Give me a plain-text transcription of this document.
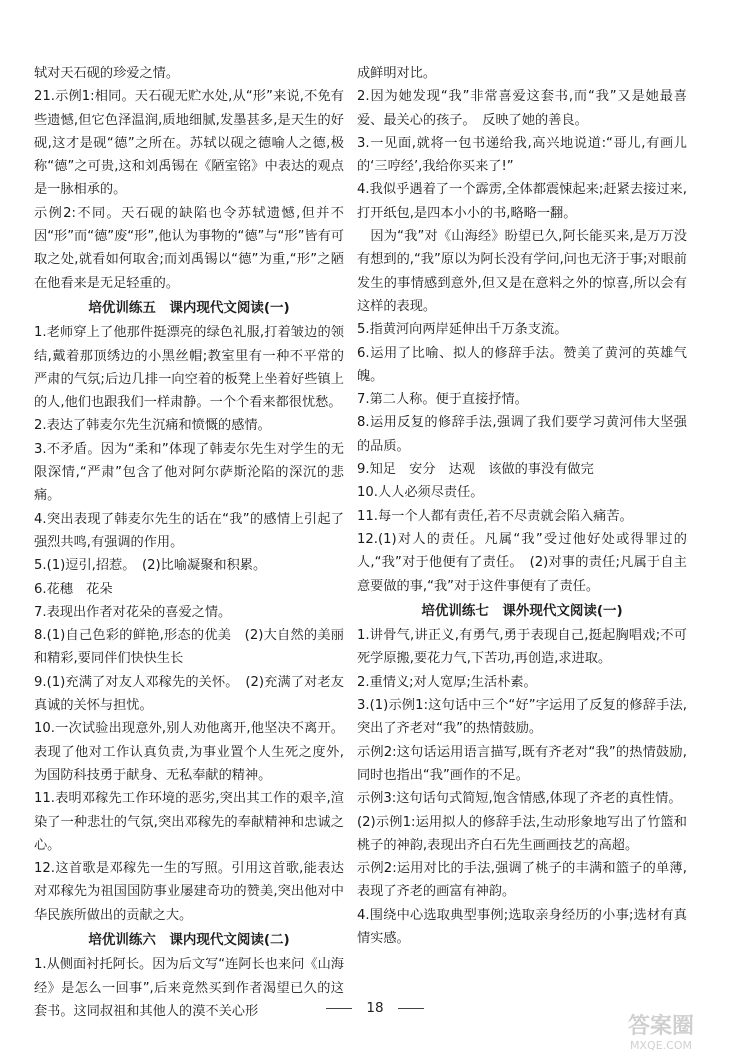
轼对天石砚的珍爱之情。

21.示例1:相同。天石砚无贮水处,从“形”来说,不免有些遗憾,但它色泽温润,质地细腻,发墨甚多,是天生的好砚,这才是砚“德”之所在。苏轼以砚之德喻人之德,极称“德”之可贵,这和刘禹锡在《陋室铭》中表达的观点是一脉相承的。

示例2:不同。天石砚的缺陷也令苏轼遗憾,但并不因“形”而“德”废“形”,他认为事物的“德”与“形”皆有可取之处,就看如何取舍;而刘禹锡以“德”为重,“形”之陋在他看来是无足轻重的。

培优训练五　课内现代文阅读(一)

1.老师穿上了他那件挺漂亮的绿色礼服,打着皱边的领结,戴着那顶绣边的小黑丝帽;教室里有一种不平常的严肃的气氛;后边几排一向空着的板凳上坐着好些镇上的人,他们也跟我们一样肃静。一个个看来都很忧愁。

2.表达了韩麦尔先生沉痛和愤慨的感情。

3.不矛盾。因为“柔和”体现了韩麦尔先生对学生的无限深情,“严肃”包含了他对阿尔萨斯沦陷的深沉的悲痛。

4.突出表现了韩麦尔先生的话在“我”的感情上引起了强烈共鸣,有强调的作用。

5.(1)逗引,招惹。　(2)比喻凝聚和积累。

6.花穗　花朵

7.表现出作者对花朵的喜爱之情。

8.(1)自己色彩的鲜艳,形态的优美　(2)大自然的美丽和精彩,要同伴们快快生长

9.(1)充满了对友人邓稼先的关怀。　(2)充满了对老友真诚的关怀与担忧。

10.一次试验出现意外,别人劝他离开,他坚决不离开。表现了他对工作认真负责,为事业置个人生死之度外,为国防科技勇于献身、无私奉献的精神。

11.表明邓稼先工作环境的恶劣,突出其工作的艰辛,渲染了一种悲壮的气氛,突出邓稼先的奉献精神和忠诚之心。

12.这首歌是邓稼先一生的写照。引用这首歌,能表达对邓稼先为祖国国防事业屡建奇功的赞美,突出他对中华民族所做出的贡献之大。

培优训练六　课内现代文阅读(二)

1.从侧面衬托阿长。因为后文写“连阿长也来问《山海经》是怎么一回事”,后来竟然买到作者渴望已久的这套书。这同叔祖和其他人的漠不关心形

成鲜明对比。

2.因为她发现“我”非常喜爱这套书,而“我”又是她最喜爱、最关心的孩子。　反映了她的善良。

3.一见面,就将一包书递给我,高兴地说道:“哥儿,有画儿的‘三哼经’,我给你买来了!”

4.我似乎遇着了一个霹雳,全体都震悚起来;赶紧去接过来,打开纸包,是四本小小的书,略略一翻。

　因为“我”对《山海经》盼望已久,阿长能买来,是万万没有想到的,“我”原以为阿长没有学问,问也无济于事;对眼前发生的事情感到意外,但又是在意料之外的惊喜,所以会有这样的表现。

5.指黄河向两岸延伸出千万条支流。

6.运用了比喻、拟人的修辞手法。赞美了黄河的英雄气魄。

7.第二人称。便于直接抒情。

8.运用反复的修辞手法,强调了我们要学习黄河伟大坚强的品质。

9.知足　安分　达观　该做的事没有做完

10.人人必须尽责任。

11.每一个人都有责任,若不尽责就会陷入痛苦。

12.(1)对人的责任。凡属“我”受过他好处或得罪过的人,“我”对于他便有了责任。　(2)对事的责任;凡属于自主意要做的事,“我”对于这件事便有了责任。

培优训练七　课外现代文阅读(一)

1.讲骨气,讲正义,有勇气,勇于表现自己,挺起胸唱戏;不可死学原搬,要花力气,下苦功,再创造,求进取。

2.重情义;对人宽厚;生活朴素。

3.(1)示例1:这句话中三个“好”字运用了反复的修辞手法,突出了齐老对“我”的热情鼓励。

示例2:这句话运用语言描写,既有齐老对“我”的热情鼓励,同时也指出“我”画作的不足。

示例3:这句话句式简短,饱含情感,体现了齐老的真性情。

(2)示例1:运用拟人的修辞手法,生动形象地写出了竹篮和桃子的神韵,表现出齐白石先生画画技艺的高超。

示例2:运用对比的手法,强调了桃子的丰满和篮子的单薄,表现了齐老的画富有神韵。

4.围绕中心选取典型事例;选取亲身经历的小事;选材有真情实感。

18
答案圈
MXQE.COM
